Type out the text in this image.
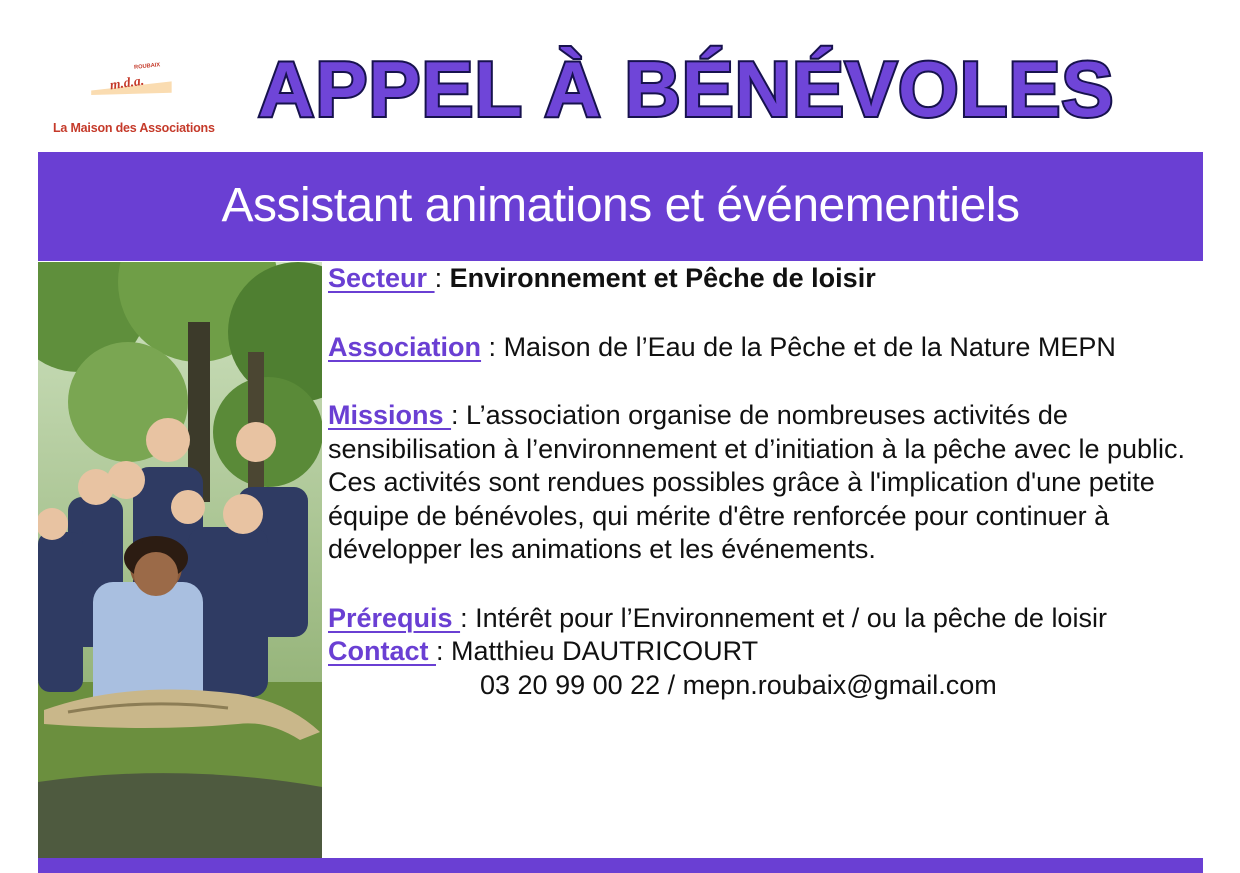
ROUBAIX
m.d.a.
La Maison des Associations APPEL À BÉNÉVOLES
Assistant animations et événementiels

Secteur : Environnement et Pêche de loisir

Association : Maison de l’Eau de la Pêche et de la Nature MEPN

Missions : L’association organise de nombreuses activités de sensibilisation à l’environnement et d’initiation à la pêche avec le public. Ces activités sont rendues possibles grâce à l'implication d'une petite équipe de bénévoles, qui mérite d'être renforcée pour continuer à développer les animations et les événements.

Prérequis : Intérêt pour l’Environnement et / ou la pêche de loisir

Contact : Matthieu DAUTRICOURT

03 20 99 00 22 / mepn.roubaix@gmail.com
